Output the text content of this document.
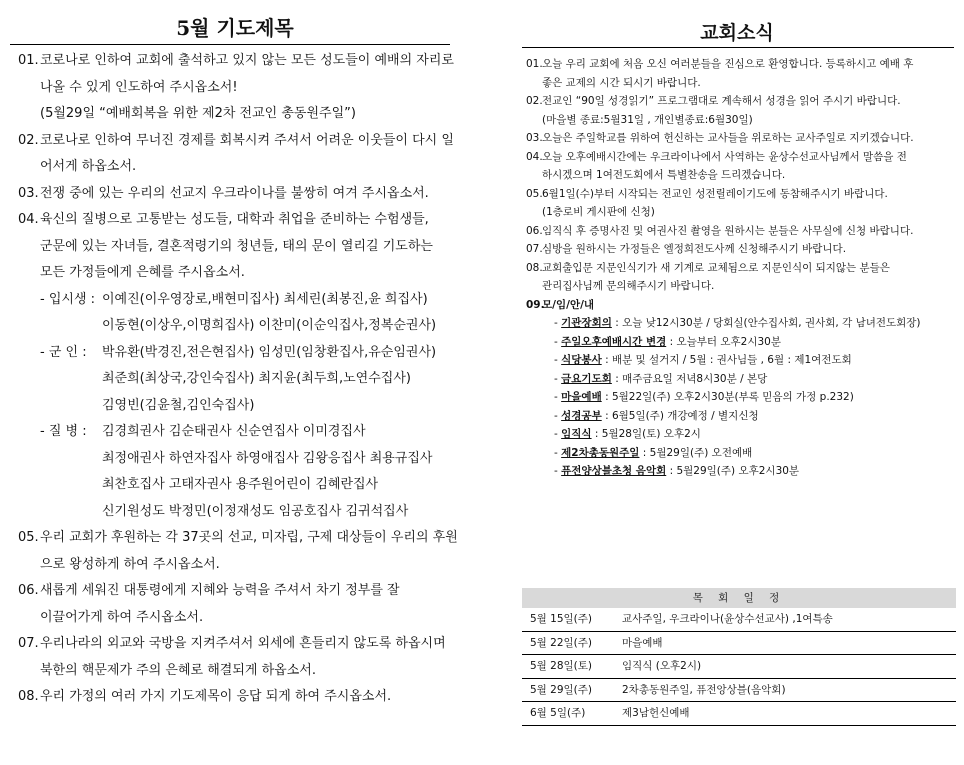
5월 기도제목
01.코로나로 인하여 교회에 출석하고 있지 않는 모든 성도들이 예배의 자리로
나올 수 있게 인도하여 주시옵소서!
(5월29일 “예배회복을 위한 제2차 전교인 총동원주일”)
02.코로나로 인하여 무너진 경제를 회복시켜 주셔서 어려운 이웃들이 다시 일
어서게 하옵소서.
03.전쟁 중에 있는 우리의 선교지 우크라이나를 불쌍히 여겨 주시옵소서.
04.육신의 질병으로 고통받는 성도들, 대학과 취업을 준비하는 수험생들,
군문에 있는 자녀들, 결혼적령기의 청년들, 태의 문이 열리길 기도하는
모든 가정들에게 은혜를 주시옵소서.
- 입시생 : 이예진(이우영장로,배현미집사) 최세린(최봉진,윤 희집사)
이동현(이상우,이명희집사) 이찬미(이순익집사,정복순권사)
- 군 인 : 박유환(박경진,전은현집사) 임성민(임창환집사,유순임권사)
최준희(최상국,강인숙집사) 최지윤(최두희,노연수집사)
김영빈(김윤철,김인숙집사)
- 질 병 : 김경희권사 김순태권사 신순연집사 이미경집사
최정애권사 하연자집사 하영애집사 김왕응집사 최용규집사
최찬호집사 고태자권사 용주원어린이 김혜란집사
신기원성도 박정민(이정재성도 임공호집사 김귀석집사
05.우리 교회가 후원하는 각 37곳의 선교, 미자립, 구제 대상들이 우리의 후원
으로 왕성하게 하여 주시옵소서.
06.새롭게 세워진 대통령에게 지혜와 능력을 주셔서 차기 정부를 잘
이끌어가게 하여 주시옵소서.
07.우리나라의 외교와 국방을 지켜주셔서 외세에 흔들리지 않도록 하옵시며
북한의 핵문제가 주의 은혜로 해결되게 하옵소서.
08.우리 가정의 여러 가지 기도제목이 응답 되게 하여 주시옵소서.
교회소식
01.오늘 우리 교회에 처음 오신 여러분들을 진심으로 환영합니다. 등록하시고 예배 후
좋은 교제의 시간 되시기 바랍니다.
02.전교인 “90일 성경읽기” 프로그램대로 계속해서 성경을 읽어 주시기 바랍니다.
(마을별 종료:5월31일 , 개인별종료:6월30일)
03.오늘은 주일학교를 위하여 헌신하는 교사들을 위로하는 교사주일로 지키겠습니다.
04.오늘 오후예배시간에는 우크라이나에서 사역하는 윤상수선교사님께서 말씀을 전
하시겠으며 1여전도회에서 특별찬송을 드리겠습니다.
05.6월1일(수)부터 시작되는 전교인 성전릴레이기도에 동참해주시기 바랍니다.
(1층로비 게시판에 신청)
06.임직식 후 증명사진 및 여권사진 촬영을 원하시는 분들은 사무실에 신청 바랍니다.
07.심방을 원하시는 가정들은 엘정희전도사께 신청해주시기 바랍니다.
08.교회출입문 지문인식기가 새 기계로 교체됨으로 지문인식이 되지않는 분들은
관리집사님께 문의해주시기 바랍니다.
09.모/임/안/내
- 기관장회의 : 오늘 낮12시30분 / 당회실(안수집사회, 권사회, 각 남녀전도회장)
- 주일오후예배시간 변경 : 오늘부터 오후2시30분
- 식당봉사 : 배분 및 설거지 / 5월 : 권사님들 , 6월 : 제1여전도회
- 금요기도회 : 매주금요일 저녁8시30분 / 본당
- 마을예배 : 5월22일(주) 오후2시30분(부록 믿음의 가정 p.232)
- 성경공부 : 6월5일(주) 개강예정 / 별지신청
- 임직식 : 5월28일(토) 오후2시
- 제2차총동원주일 : 5월29일(주) 오전예배
- 퓨전양상블초청 음악회 : 5월29일(주) 오후2시30분
목 회 일 정
5월 15일(주)	교사주일, 우크라이나(윤상수선교사) ,1여특송
5월 22일(주)	마을예배
5월 28일(토)	임직식 (오후2시)
5월 29일(주)	2차총동원주일, 퓨전앙상블(음악회)
6월 5일(주)	제3남헌신예배
